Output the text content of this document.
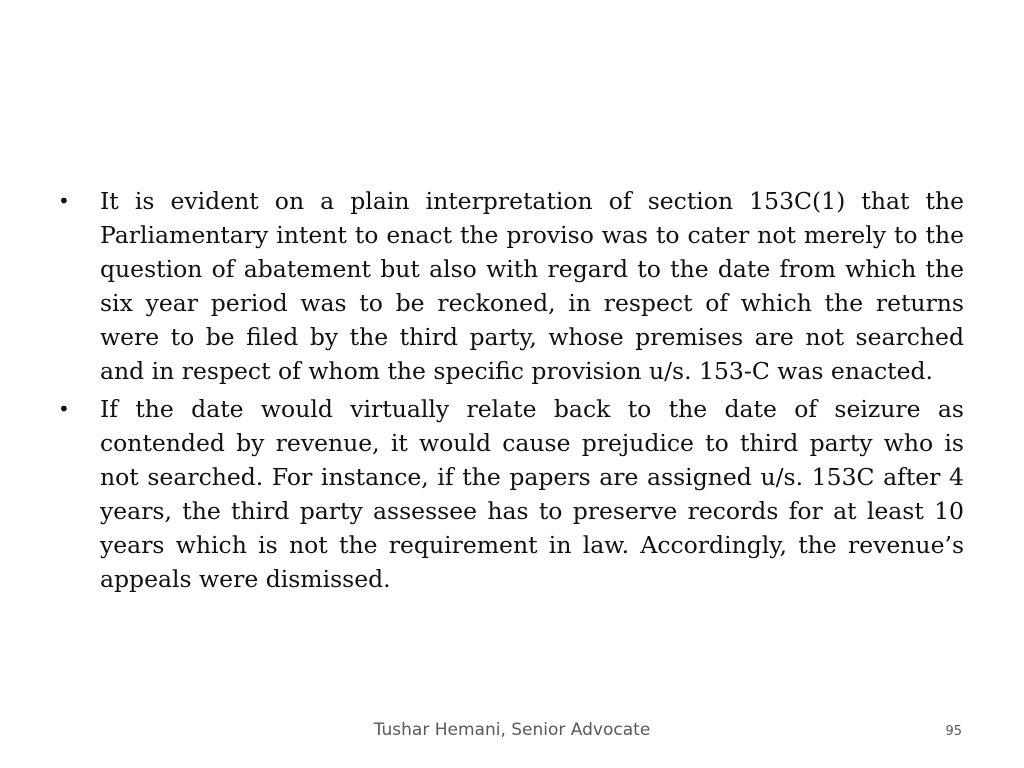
• It is evident on a plain interpretation of section 153C(1) that the Parliamentary intent to enact the proviso was to cater not merely to the question of abatement but also with regard to the date from which the six year period was to be reckoned, in respect of which the returns were to be filed by the third party, whose premises are not searched and in respect of whom the specific provision u/s. 153-C was enacted.
• If the date would virtually relate back to the date of seizure as contended by revenue, it would cause prejudice to third party who is not searched. For instance, if the papers are assigned u/s. 153C after 4 years, the third party assessee has to preserve records for at least 10 years which is not the requirement in law. Accordingly, the revenue’s appeals were dismissed.
Tushar Hemani, Senior Advocate	95
